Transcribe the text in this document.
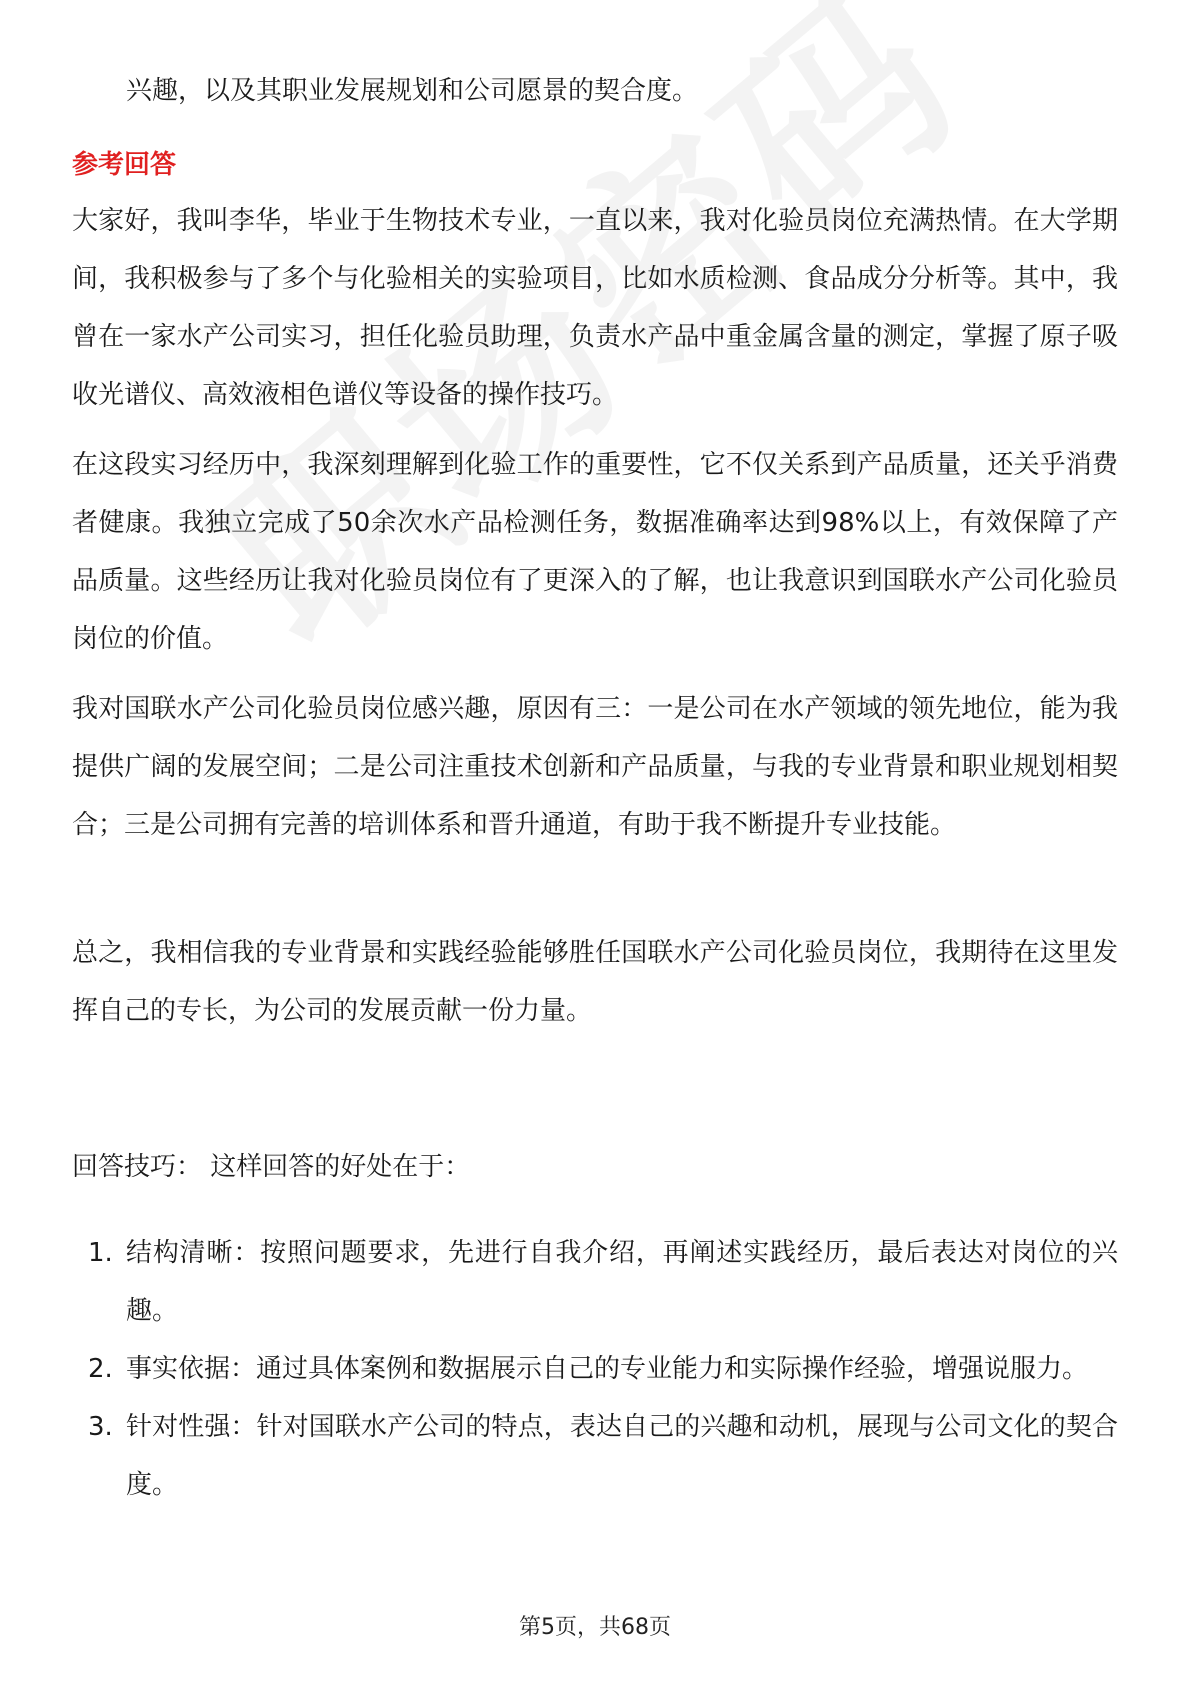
兴趣，以及其职业发展规划和公司愿景的契合度。

参考回答

大家好，我叫李华，毕业于生物技术专业，一直以来，我对化验员岗位充满热情。在大学期间，我积极参与了多个与化验相关的实验项目，比如水质检测、食品成分分析等。其中，我曾在一家水产公司实习，担任化验员助理，负责水产品中重金属含量的测定，掌握了原子吸收光谱仪、高效液相色谱仪等设备的操作技巧。

在这段实习经历中，我深刻理解到化验工作的重要性，它不仅关系到产品质量，还关乎消费者健康。我独立完成了50余次水产品检测任务，数据准确率达到98%以上，有效保障了产品质量。这些经历让我对化验员岗位有了更深入的了解，也让我意识到国联水产公司化验员岗位的价值。

我对国联水产公司化验员岗位感兴趣，原因有三：一是公司在水产领域的领先地位，能为我提供广阔的发展空间；二是公司注重技术创新和产品质量，与我的专业背景和职业规划相契合；三是公司拥有完善的培训体系和晋升通道，有助于我不断提升专业技能。

总之，我相信我的专业背景和实践经验能够胜任国联水产公司化验员岗位，我期待在这里发挥自己的专长，为公司的发展贡献一份力量。

回答技巧： 这样回答的好处在于：

1. 结构清晰：按照问题要求，先进行自我介绍，再阐述实践经历，最后表达对岗位的兴趣。

2. 事实依据：通过具体案例和数据展示自己的专业能力和实际操作经验，增强说服力。

3. 针对性强：针对国联水产公司的特点，表达自己的兴趣和动机，展现与公司文化的契合度。

第5页，共68页
